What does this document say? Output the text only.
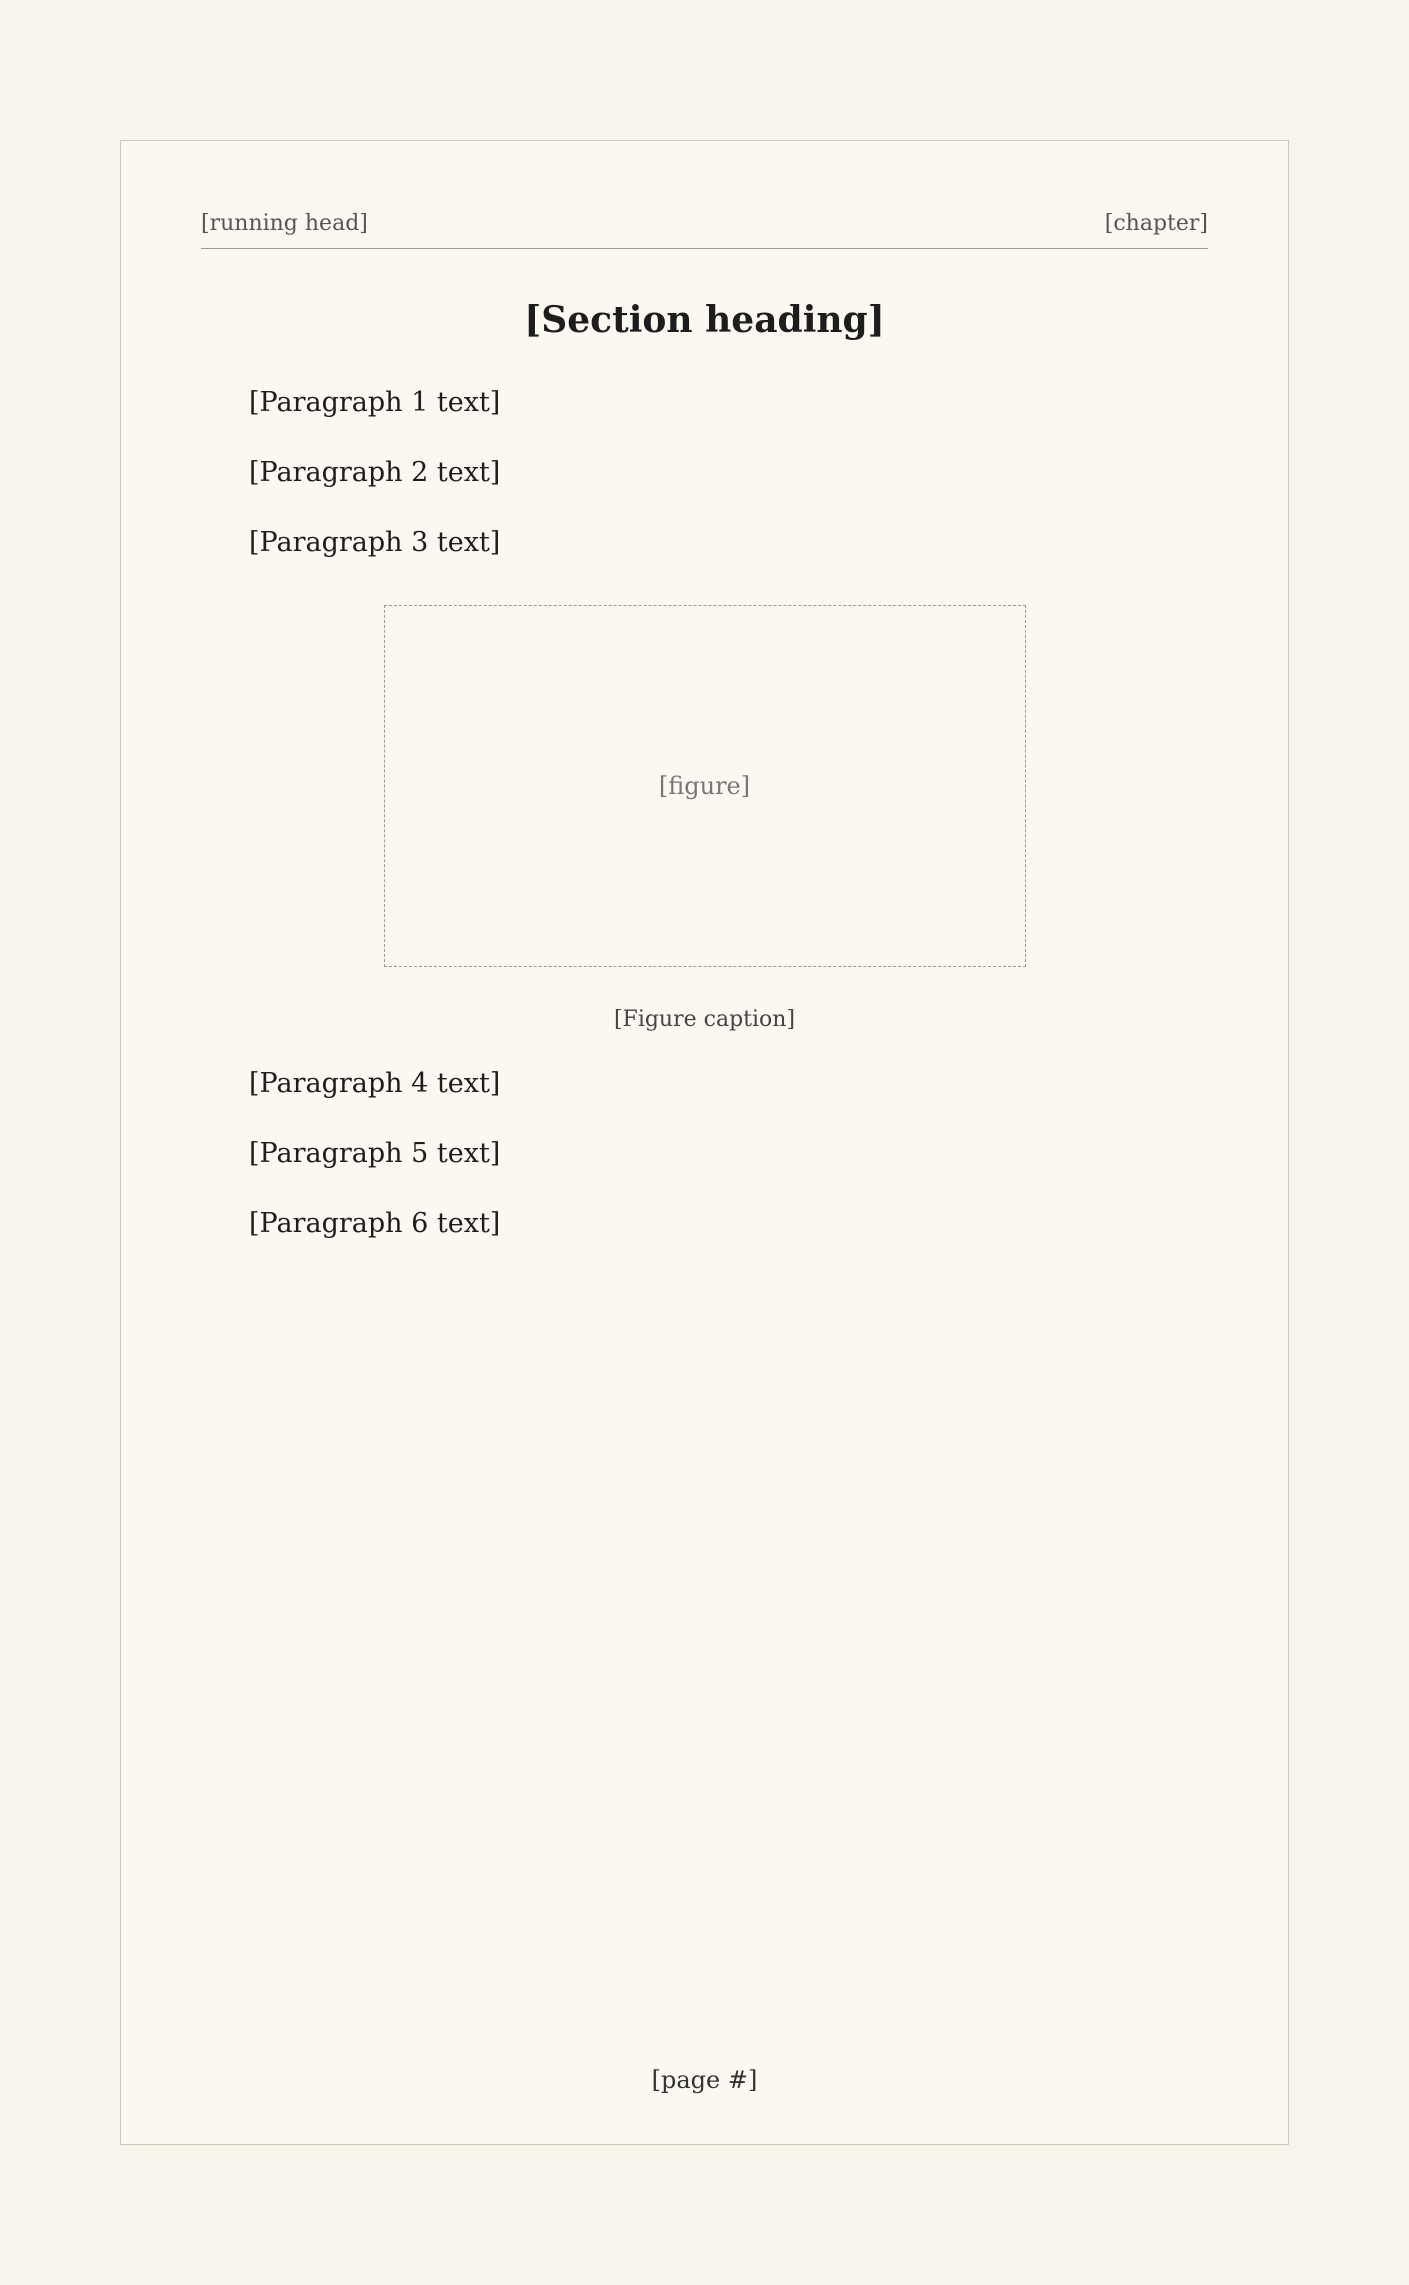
[running head]	[chapter]
[Section heading]

[Paragraph 1 text]

[Paragraph 2 text]

[Paragraph 3 text]

[figure]
[Figure caption]

[Paragraph 4 text]

[Paragraph 5 text]

[Paragraph 6 text]

[page #]
